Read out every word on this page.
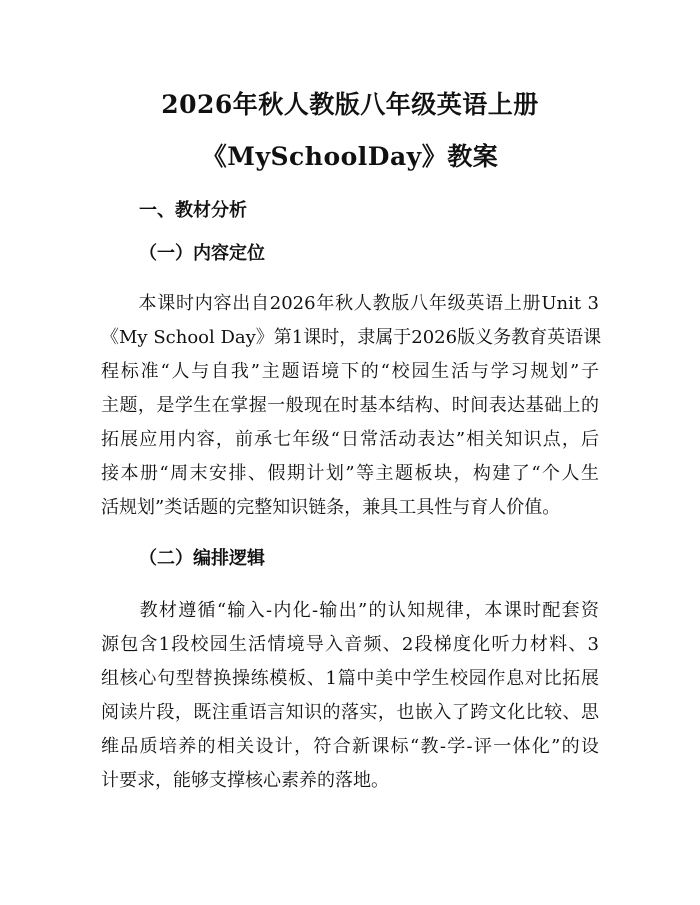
2026年秋人教版八年级英语上册
《MySchoolDay》教案
一、教材分析
（一）内容定位

　　本课时内容出自2026年秋人教版八年级英语上册Unit 3
《My School Day》第1课时，隶属于2026版义务教育英语课
程标准“人与自我”主题语境下的“校园生活与学习规划”子
主题，是学生在掌握一般现在时基本结构、时间表达基础上的
拓展应用内容，前承七年级“日常活动表达”相关知识点，后
接本册“周末安排、假期计划”等主题板块，构建了“个人生
活规划”类话题的完整知识链条，兼具工具性与育人价值。

（二）编排逻辑

　　教材遵循“输入-内化-输出”的认知规律，本课时配套资
源包含1段校园生活情境导入音频、2段梯度化听力材料、3
组核心句型替换操练模板、1篇中美中学生校园作息对比拓展
阅读片段，既注重语言知识的落实，也嵌入了跨文化比较、思
维品质培养的相关设计，符合新课标“教-学-评一体化”的设
计要求，能够支撑核心素养的落地。
